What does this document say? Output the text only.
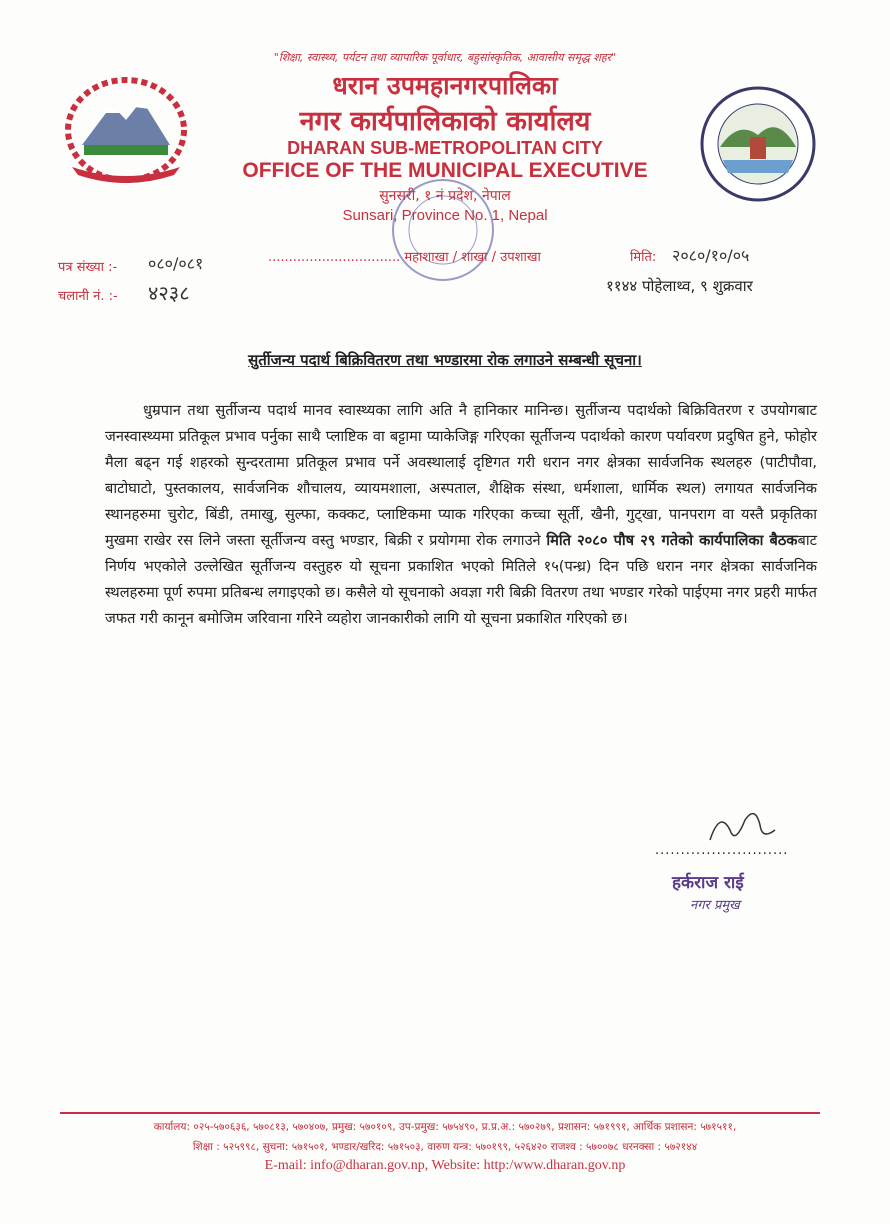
"शिक्षा, स्वास्थ्य, पर्यटन तथा व्यापारिक पूर्वाधार, बहुसांस्कृतिक, आवासीय समृद्ध शहर"
धरान उपमहानगरपालिका
नगर कार्यपालिकाको कार्यालय
DHARAN SUB-METROPOLITAN CITY
OFFICE OF THE MUNICIPAL EXECUTIVE
सुनसरी, १ नं प्रदेश, नेपाल
Sunsari, Province No. 1, Nepal
पत्र संख्या :- ०८०/०८१
चलानी नं. :- ४२३८
................................ महाशाखा / शाखा / उपशाखा	मिति: २०८०/१०/०५
११४४ पोहेलाथ्व, ९ शुक्रवार
सुर्तीजन्य पदार्थ बिक्रिवितरण तथा भण्डारमा रोक लगाउने सम्बन्धी सूचना।
धुम्रपान तथा सुर्तीजन्य पदार्थ मानव स्वास्थ्यका लागि अति नै हानिकार मानिन्छ। सुर्तीजन्य पदार्थको बिक्रिवितरण र उपयोगबाट जनस्वास्थ्यमा प्रतिकूल प्रभाव पर्नुका साथै प्लाष्टिक वा बट्टामा प्याकेजिङ्ग गरिएका सूर्तीजन्य पदार्थको कारण पर्यावरण प्रदुषित हुने, फोहोर मैला बढ्न गई शहरको सुन्दरतामा प्रतिकूल प्रभाव पर्ने अवस्थालाई दृष्टिगत गरी धरान नगर क्षेत्रका सार्वजनिक स्थलहरु (पाटीपौवा, बाटोघाटो, पुस्तकालय, सार्वजनिक शौचालय, व्यायमशाला, अस्पताल, शैक्षिक संस्था, धर्मशाला, धार्मिक स्थल) लगायत सार्वजनिक स्थानहरुमा चुरोट, बिंडी, तमाखु, सुल्फा, कक्कट, प्लाष्टिकमा प्याक गरिएका कच्चा सूर्ती, खैनी, गुट्खा, पानपराग वा यस्तै प्रकृतिका मुखमा राखेर रस लिने जस्ता सूर्तीजन्य वस्तु भण्डार, बिक्री र प्रयोगमा रोक लगाउने मिति २०८० पौष २९ गतेको कार्यपालिका बैठकबाट निर्णय भएकोले उल्लेखित सूर्तीजन्य वस्तुहरु यो सूचना प्रकाशित भएको मितिले १५(पन्ध्र) दिन पछि धरान नगर क्षेत्रका सार्वजनिक स्थलहरुमा पूर्ण रुपमा प्रतिबन्ध लगाइएको छ। कसैले यो सूचनाको अवज्ञा गरी बिक्री वितरण तथा भण्डार गरेको पाईएमा नगर प्रहरी मार्फत जफत गरी कानून बमोजिम जरिवाना गरिने व्यहोरा जानकारीको लागि यो सूचना प्रकाशित गरिएको छ।
..........................
हर्कराज राई
नगर प्रमुख
कार्यालय: ०२५-५७०६३६, ५७०८१३, ५७०४०७, प्रमुख: ५७०१०९, उप-प्रमुख: ५७५४९०, प्र.प्र.अ.: ५७०२७९, प्रशासन: ५७१९९१, आर्थिक प्रशासन: ५७१५११,
शिक्षा : ५२५९९८, सुचना: ५७१५०१, भण्डार/खरिद: ५७१५०३, वारुण यन्त्र: ५७०१९९, ५२६४२० राजश्व : ५७००७८ धरनक्सा : ५७२१४४
E-mail: info@dharan.gov.np, Website: http:/www.dharan.gov.np
